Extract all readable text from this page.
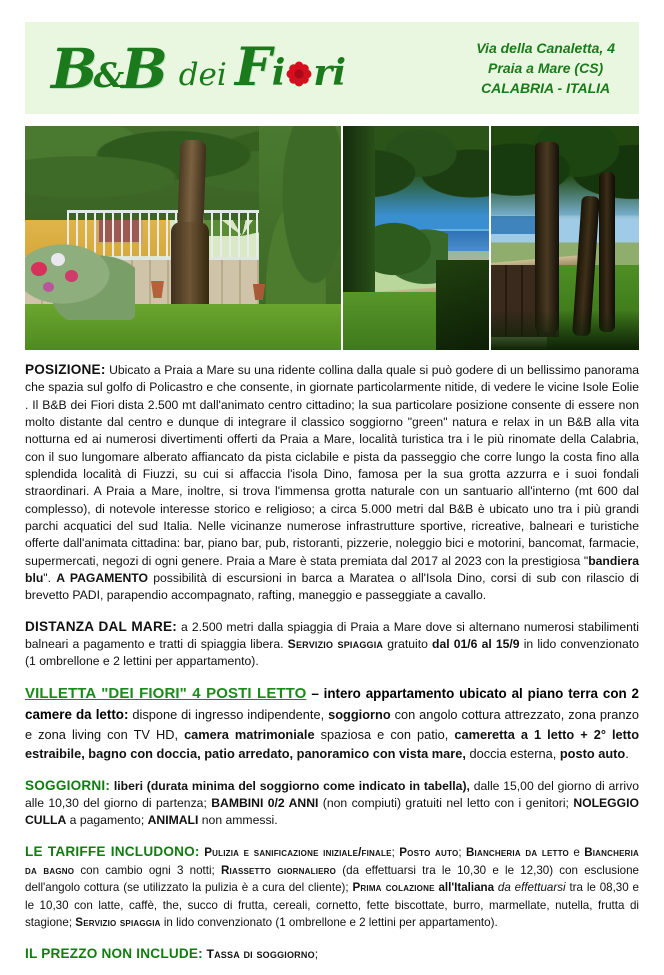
B
&
B dei F i ri
Via della Canaletta, 4
Praia a Mare (CS)
CALABRIA - ITALIA

POSIZIONE: Ubicato a Praia a Mare su una ridente collina dalla quale si può godere di un bellissimo panorama che spazia sul golfo di Policastro e che consente, in giornate particolarmente nitide, di vedere le vicine Isole Eolie . Il B&B dei Fiori dista 2.500 mt dall'animato centro cittadino; la sua particolare posizione consente di essere non molto distante dal centro e dunque di integrare il classico soggiorno "green" natura e relax in un B&B alla vita notturna ed ai numerosi divertimenti offerti da Praia a Mare, località turistica tra i le più rinomate della Calabria, con il suo lungomare alberato affiancato da pista ciclabile e pista da passeggio che corre lungo la costa fino alla splendida località di Fiuzzi, su cui si affaccia l'isola Dino, famosa per la sua grotta azzurra e i suoi fondali straordinari. A Praia a Mare, inoltre, si trova l'immensa grotta naturale con un santuario all'interno (mt 600 dal complesso), di notevole interesse storico e religioso; a circa 5.000 metri dal B&B è ubicato uno tra i più grandi parchi acquatici del sud Italia. Nelle vicinanze numerose infrastrutture sportive, ricreative, balneari e turistiche offerte dall'animata cittadina: bar, piano bar, pub, ristoranti, pizzerie, noleggio bici e motorini, bancomat, farmacie, supermercati, negozi di ogni genere. Praia a Mare è stata premiata dal 2017 al 2023 con la prestigiosa "bandiera blu". A PAGAMENTO possibilità di escursioni in barca a Maratea o all'Isola Dino, corsi di sub con rilascio di brevetto PADI, parapendio accompagnato, rafting, maneggio e passeggiate a cavallo.

DISTANZA DAL MARE: a 2.500 metri dalla spiaggia di Praia a Mare dove si alternano numerosi stabilimenti balneari a pagamento e tratti di spiaggia libera. Servizio spiaggia gratuito dal 01/6 al 15/9 in lido convenzionato (1 ombrellone e 2 lettini per appartamento).

VILLETTA "DEI FIORI" 4 POSTI LETTO – intero appartamento ubicato al piano terra con 2 camere da letto: dispone di ingresso indipendente, soggiorno con angolo cottura attrezzato, zona pranzo e zona living con TV HD, camera matrimoniale spaziosa e con patio, cameretta a 1 letto + 2° letto estraibile, bagno con doccia, patio arredato, panoramico con vista mare, doccia esterna, posto auto.

SOGGIORNI: liberi (durata minima del soggiorno come indicato in tabella), dalle 15,00 del giorno di arrivo alle 10,30 del giorno di partenza; BAMBINI 0/2 ANNI (non compiuti) gratuiti nel letto con i genitori; NOLEGGIO CULLA a pagamento; ANIMALI non ammessi.

LE TARIFFE INCLUDONO: Pulizia e sanificazione iniziale/finale; Posto auto; Biancheria da letto e Biancheria da bagno con cambio ogni 3 notti; Riassetto giornaliero (da effettuarsi tra le 10,30 e le 12,30) con esclusione dell'angolo cottura (se utilizzato la pulizia è a cura del cliente); Prima colazione all'Italiana da effettuarsi tra le 08,30 e le 10,30 con latte, caffè, the, succo di frutta, cereali, cornetto, fette biscottate, burro, marmellate, nutella, frutta di stagione; Servizio spiaggia in lido convenzionato (1 ombrellone e 2 lettini per appartamento).

IL PREZZO NON INCLUDE: Tassa di soggiorno;
